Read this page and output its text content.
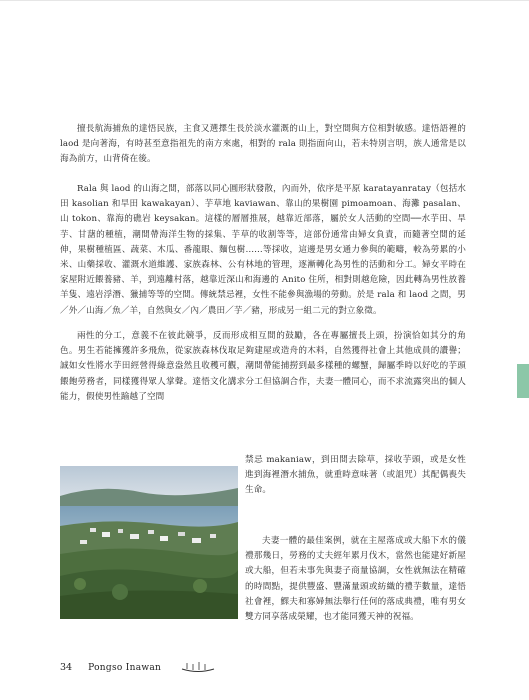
擅長航海捕魚的達悟民族，主食又選擇生長於淡水灌溉的山上，對空間與方位相對敏感。達悟語裡的 laod 是向著海，有時甚至意指祖先的南方來處，相對的 rala 則指面向山，若未特別言明，族人通常是以海為前方，山背倚在後。

Rala 與 laod 的山海之間，部落以同心圓形狀發散，內而外，依序是平原 karatayanratay（包括水田 kasolian 和旱田 kawakayan）、芋草地 kaviawan、靠山的果樹園 pimoamoan、海灘 pasalan、山 tokon、靠海的礁岩 keysakan。這樣的層層推展，越靠近部落，屬於女人活動的空間──水芋田、旱芋、甘藷的種植，潮間帶海洋生物的採集、芋草的收割等等，這部份通常由婦女負責，而隨著空間的延伸，果樹種植區、蔬菜、木瓜、番龍眼、麵包樹……等採收，這邊是男女通力參與的範疇，較為勞累的小米、山藥採收、灌溉水道維護、家族森林、公有林地的管理，逐漸轉化為男性的活動和分工。婦女平時在家屋附近餵養豬、羊，到遠離村落，越靠近深山和海邊的 Anito 住所，相對則越危險，因此轉為男性放養羊隻、遠岩浮潛、獵捕等等的空間。傳統禁忌裡，女性不能參與漁場的勞動。於是 rala 和 laod 之間，男／外／山海／魚／羊，自然與女／內／農田／芋／豬，形成另一組二元的對立象徵。

兩性的分工，意義不在彼此競爭，反而形成相互間的鼓勵，各在專屬擅長上頭，扮演恰如其分的角色。男生若能擁獲許多飛魚，從家族森林伐取足夠建屋或造舟的木料，自然獲得社會上其他成員的讚譽；誠如女性將水芋田經營得綠意盎然且收穫可觀，潮間帶能捕撈到最多樣種的螺蟹，歸屬季時以好吃的芋頭餵飽勞務者，同樣獲得眾人掌聲。達悟文化講求分工但協調合作，夫妻一體同心，而不求流露突出的個人能力，假使男性踰越了空間

禁忌 makaniaw，到田間去除草，採收芋頭，或是女性進到海裡潛水捕魚，就重時意味著（或詛咒）其配偶喪失生命。

夫妻一體的最佳案例，就在主屋落成或大船下水的儀禮那幾日，勞務的丈夫經年累月伐木，當然也能建好新屋或大船，但若未事先與妻子商量協調，女性就無法在精確的時間點，提供豐盛、豐滿量頭或紡織的禮芋數量，達悟社會裡，鰥夫和寡婦無法舉行任何的落成典禮，唯有男女雙方同享落成榮耀，也才能同獲天神的祝福。

34 Pongso Inawan
